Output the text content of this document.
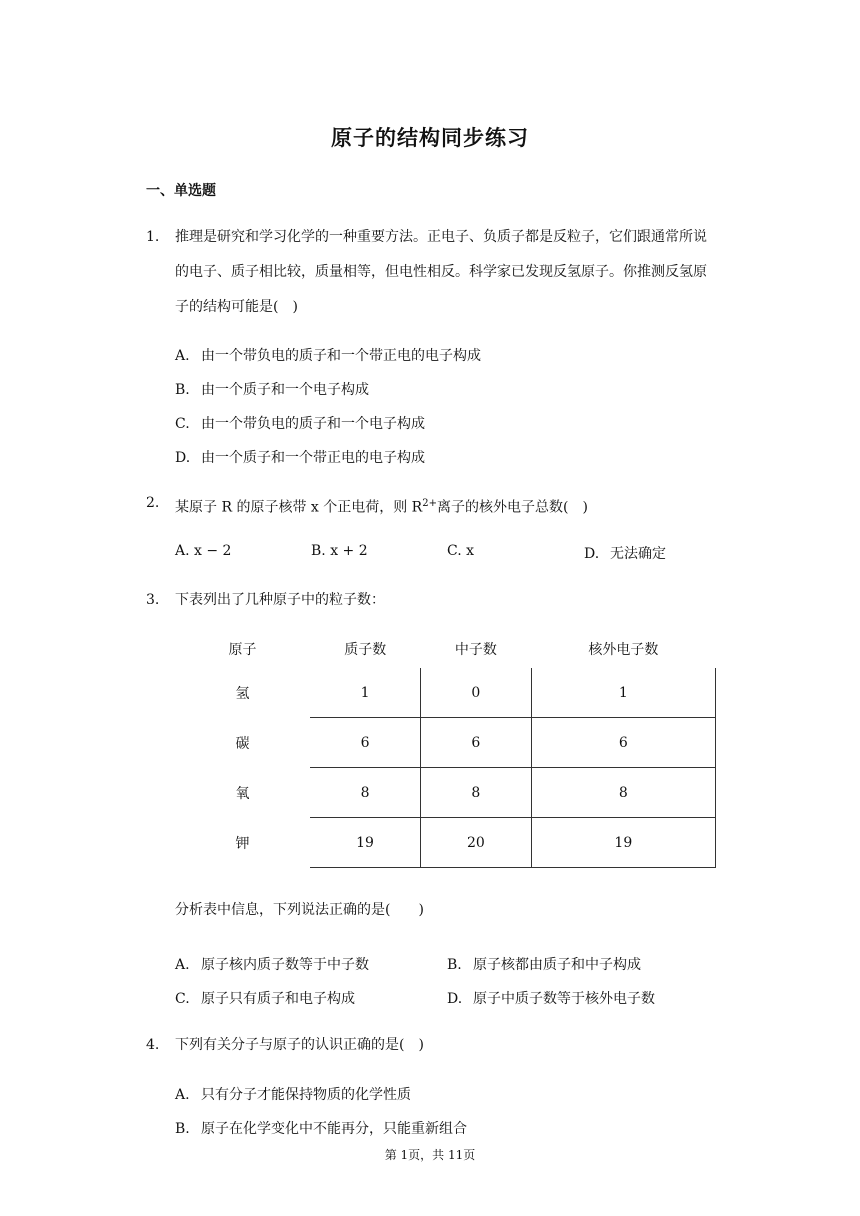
原子的结构同步练习
一、单选题
1. 推理是研究和学习化学的一种重要方法。正电子、负质子都是反粒子，它们跟通常所说的电子、质子相比较，质量相等，但电性相反。科学家已发现反氢原子。你推测反氢原子的结构可能是(　)
A. 由一个带负电的质子和一个带正电的电子构成
B. 由一个质子和一个电子构成
C. 由一个带负电的质子和一个电子构成
D. 由一个质子和一个带正电的电子构成
2. 某原子 R 的原子核带 x 个正电荷，则 $R^{2+}$离子的核外电子总数(　)
A. x − 2	B. x + 2	C. x	D. 无法确定
3. 下表列出了几种原子中的粒子数：
原子	质子数	中子数	核外电子数
氢	1	0	1
碳	6	6	6
氧	8	8	8
钾	19	20	19
分析表中信息，下列说法正确的是(　　)
A. 原子核内质子数等于中子数	B. 原子核都由质子和中子构成
C. 原子只有质子和电子构成	D. 原子中质子数等于核外电子数
4. 下列有关分子与原子的认识正确的是(　)
A. 只有分子才能保持物质的化学性质
B. 原子在化学变化中不能再分，只能重新组合
第 1页，共 11页
